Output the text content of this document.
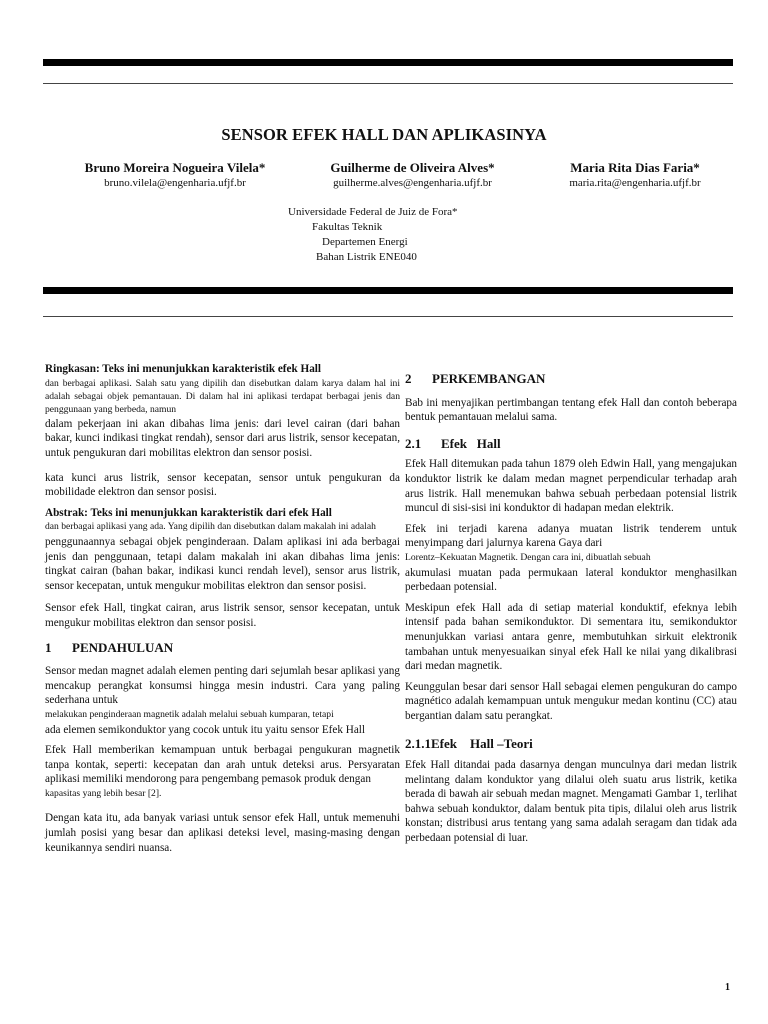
SENSOR EFEK HALL DAN APLIKASINYA
Bruno Moreira Nogueira Vilela*
bruno.vilela@engenharia.ufjf.br
Guilherme de Oliveira Alves*
guilherme.alves@engenharia.ufjf.br
Maria Rita Dias Faria*
maria.rita@engenharia.ufjf.br
Universidade Federal de Juiz de Fora*
Fakultas Teknik
Departemen Energi
Bahan Listrik ENE040
Ringkasan: Teks ini menunjukkan karakteristik efek Hall
dan berbagai aplikasi. Salah satu yang dipilih dan disebutkan dalam karya dalam hal ini adalah sebagai objek pemantauan. Di dalam hal ini aplikasi terdapat berbagai jenis dan penggunaan yang berbeda, namun
dalam pekerjaan ini akan dibahas lima jenis: dari level cairan (dari bahan bakar, kunci indikasi tingkat rendah), sensor dari arus listrik, sensor kecepatan, untuk pengukuran dari mobilitas elektron dan sensor posisi.
kata kunci arus listrik, sensor kecepatan, sensor untuk pengukuran da mobilidade elektron dan sensor posisi.
Abstrak: Teks ini menunjukkan karakteristik dari efek Hall
dan berbagai aplikasi yang ada. Yang dipilih dan disebutkan dalam makalah ini adalah
penggunaannya sebagai objek penginderaan. Dalam aplikasi ini ada berbagai jenis dan penggunaan, tetapi dalam makalah ini akan dibahas lima jenis: tingkat cairan (bahan bakar, indikasi kunci rendah level), sensor arus listrik, sensor kecepatan, untuk mengukur mobilitas elektron dan sensor posisi.
Sensor efek Hall, tingkat cairan, arus listrik sensor, sensor kecepatan, untuk mengukur mobilitas elektron dan sensor posisi.
1	PENDAHULUAN
Sensor medan magnet adalah elemen penting dari sejumlah besar aplikasi yang mencakup perangkat konsumsi hingga mesin industri. Cara yang paling sederhana untuk
melakukan penginderaan magnetik adalah melalui sebuah kumparan, tetapi
ada elemen semikonduktor yang cocok untuk itu yaitu sensor Efek Hall
Efek Hall memberikan kemampuan untuk berbagai pengukuran magnetik tanpa kontak, seperti: kecepatan dan arah untuk deteksi arus. Persyaratan aplikasi memiliki mendorong para pengembang pemasok produk dengan
kapasitas yang lebih besar [2].
Dengan kata itu, ada banyak variasi untuk sensor efek Hall, untuk memenuhi jumlah posisi yang besar dan aplikasi deteksi level, masing-masing dengan keunikannya sendiri nuansa.
2	PERKEMBANGAN
Bab ini menyajikan pertimbangan tentang efek Hall dan contoh beberapa bentuk pemantauan melalui sama.
2.1	Efek   Hall
Efek Hall ditemukan pada tahun 1879 oleh Edwin Hall, yang mengajukan konduktor listrik ke dalam medan magnet perpendicular terhadap arah arus listrik. Hall menemukan bahwa sebuah perbedaan potensial listrik muncul di sisi-sisi ini konduktor di hadapan medan elektrik.
Efek ini terjadi karena adanya muatan listrik tenderem untuk menyimpang dari jalurnya karena Gaya dari
Lorentz–Kekuatan Magnetik. Dengan cara ini, dibuatlah sebuah
akumulasi muatan pada permukaan lateral konduktor menghasilkan perbedaan potensial.
Meskipun efek Hall ada di setiap material konduktif, efeknya lebih intensif pada bahan semikonduktor. Di sementara itu, semikonduktor menunjukkan variasi antara genre, membutuhkan sirkuit elektronik tambahan untuk menyesuaikan sinyal efek Hall ke nilai yang dikalibrasi dari medan magnetik.
Keunggulan besar dari sensor Hall sebagai elemen pengukuran do campo magnético adalah kemampuan untuk mengukur medan kontinu (CC) atau bergantian dalam satu perangkat.
2.1.1 Efek    Hall –Teori
Efek Hall ditandai pada dasarnya dengan munculnya dari medan listrik melintang dalam konduktor yang dilalui oleh suatu arus listrik, ketika berada di bawah air sebuah medan magnet. Mengamati Gambar 1, terlihat bahwa sebuah konduktor, dalam bentuk pita tipis, dilalui oleh arus listrik konstan; distribusi arus tentang yang sama adalah seragam dan tidak ada perbedaan potensial di luar.
1
